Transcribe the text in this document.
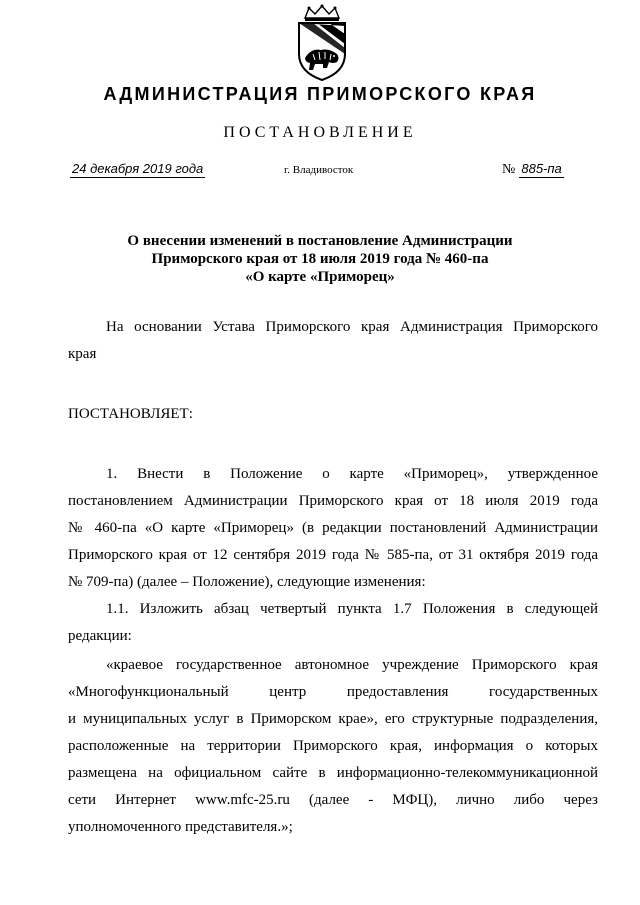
АДМИНИСТРАЦИЯ ПРИМОРСКОГО КРАЯ
ПОСТАНОВЛЕНИЕ
24 декабря 2019 года	г. Владивосток	№ 885-па
О внесении изменений в постановление Администрации
Приморского края от 18 июля 2019 года № 460-па
«О карте «Приморец»
На основании Устава Приморского края Администрация Приморского
края
ПОСТАНОВЛЯЕТ:
1. Внести в Положение о карте «Приморец», утвержденное
постановлением Администрации Приморского края от 18 июля 2019 года
№ 460-па «О карте «Приморец» (в редакции постановлений Администрации
Приморского края от 12 сентября 2019 года № 585-па, от 31 октября 2019 года
№ 709-па) (далее – Положение), следующие изменения:
1.1. Изложить абзац четвертый пункта 1.7 Положения в следующей
редакции:
«краевое государственное автономное учреждение Приморского края
«Многофункциональный центр предоставления государственных
и муниципальных услуг в Приморском крае», его структурные подразделения,
расположенные на территории Приморского края, информация о которых
размещена на официальном сайте в информационно-телекоммуникационной
сети Интернет www.mfc-25.ru (далее - МФЦ), лично либо через
уполномоченного представителя.»;
